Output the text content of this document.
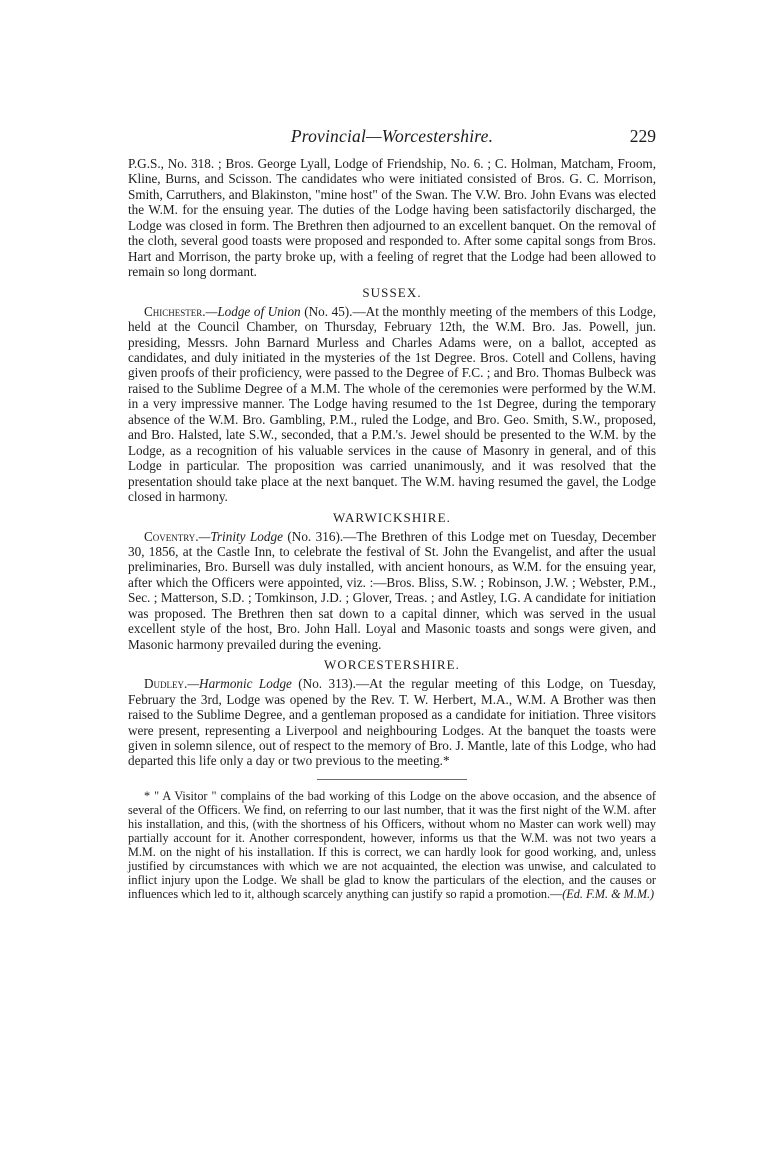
Provincial—Worcestershire.	229

P.G.S., No. 318. ; Bros. George Lyall, Lodge of Friendship, No. 6. ; C. Holman, Matcham, Froom, Kline, Burns, and Scisson. The candidates who were initiated consisted of Bros. G. C. Morrison, Smith, Carruthers, and Blakinston, "mine host" of the Swan. The V.W. Bro. John Evans was elected the W.M. for the ensuing year. The duties of the Lodge having been satisfactorily discharged, the Lodge was closed in form. The Brethren then adjourned to an excellent banquet. On the removal of the cloth, several good toasts were proposed and responded to. After some capital songs from Bros. Hart and Morrison, the party broke up, with a feeling of regret that the Lodge had been allowed to remain so long dormant.

SUSSEX.

Chichester.—Lodge of Union (No. 45).—At the monthly meeting of the members of this Lodge, held at the Council Chamber, on Thursday, February 12th, the W.M. Bro. Jas. Powell, jun. presiding, Messrs. John Barnard Murless and Charles Adams were, on a ballot, accepted as candidates, and duly initiated in the mysteries of the 1st Degree. Bros. Cotell and Collens, having given proofs of their proficiency, were passed to the Degree of F.C. ; and Bro. Thomas Bulbeck was raised to the Sublime Degree of a M.M. The whole of the ceremonies were performed by the W.M. in a very impressive manner. The Lodge having resumed to the 1st Degree, during the temporary absence of the W.M. Bro. Gambling, P.M., ruled the Lodge, and Bro. Geo. Smith, S.W., proposed, and Bro. Halsted, late S.W., seconded, that a P.M.'s. Jewel should be presented to the W.M. by the Lodge, as a recognition of his valuable services in the cause of Masonry in general, and of this Lodge in particular. The proposition was carried unanimously, and it was resolved that the presentation should take place at the next banquet. The W.M. having resumed the gavel, the Lodge closed in harmony.

WARWICKSHIRE.

Coventry.—Trinity Lodge (No. 316).—The Brethren of this Lodge met on Tuesday, December 30, 1856, at the Castle Inn, to celebrate the festival of St. John the Evangelist, and after the usual preliminaries, Bro. Bursell was duly installed, with ancient honours, as W.M. for the ensuing year, after which the Officers were appointed, viz. :—Bros. Bliss, S.W. ; Robinson, J.W. ; Webster, P.M., Sec. ; Matterson, S.D. ; Tomkinson, J.D. ; Glover, Treas. ; and Astley, I.G. A candidate for initiation was proposed. The Brethren then sat down to a capital dinner, which was served in the usual excellent style of the host, Bro. John Hall. Loyal and Masonic toasts and songs were given, and Masonic harmony prevailed during the evening.

WORCESTERSHIRE.

Dudley.—Harmonic Lodge (No. 313).—At the regular meeting of this Lodge, on Tuesday, February the 3rd, Lodge was opened by the Rev. T. W. Herbert, M.A., W.M. A Brother was then raised to the Sublime Degree, and a gentleman proposed as a candidate for initiation. Three visitors were present, representing a Liverpool and neighbouring Lodges. At the banquet the toasts were given in solemn silence, out of respect to the memory of Bro. J. Mantle, late of this Lodge, who had departed this life only a day or two previous to the meeting.*

* " A Visitor " complains of the bad working of this Lodge on the above occasion, and the absence of several of the Officers. We find, on referring to our last number, that it was the first night of the W.M. after his installation, and this, (with the shortness of his Officers, without whom no Master can work well) may partially account for it. Another correspondent, however, informs us that the W.M. was not two years a M.M. on the night of his installation. If this is correct, we can hardly look for good working, and, unless justified by circumstances with which we are not acquainted, the election was unwise, and calculated to inflict injury upon the Lodge. We shall be glad to know the particulars of the election, and the causes or influences which led to it, although scarcely anything can justify so rapid a promotion.—(Ed. F.M. & M.M.)
